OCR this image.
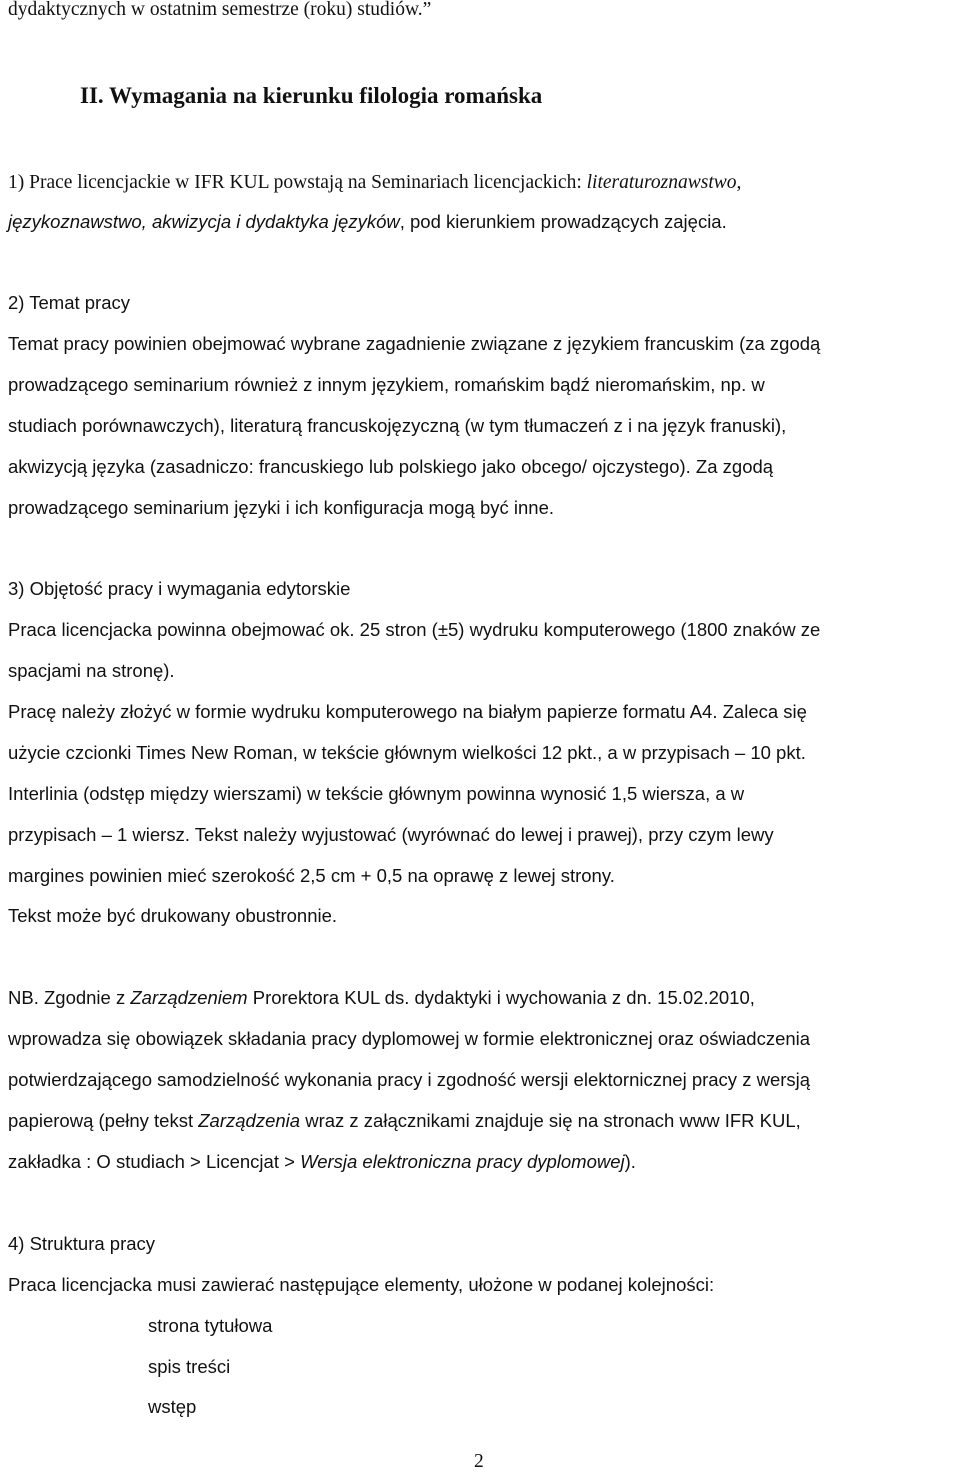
dydaktycznych w ostatnim semestrze (roku) studiów.”
II. Wymagania na kierunku filologia romańska
1) Prace licencjackie w IFR KUL powstają na Seminariach licencjackich: literaturoznawstwo,
językoznawstwo, akwizycja i dydaktyka języków, pod kierunkiem prowadzących zajęcia.
2) Temat pracy
Temat pracy powinien obejmować wybrane zagadnienie związane z językiem francuskim (za zgodą
prowadzącego seminarium również z innym językiem, romańskim bądź nieromańskim, np. w
studiach porównawczych), literaturą francuskojęzyczną (w tym tłumaczeń z i na język franuski),
akwizycją języka (zasadniczo: francuskiego lub polskiego jako obcego/ ojczystego). Za zgodą
prowadzącego seminarium języki i ich konfiguracja mogą być inne.
3) Objętość pracy i wymagania edytorskie
Praca licencjacka powinna obejmować ok. 25 stron (±5) wydruku komputerowego (1800 znaków ze
spacjami na stronę).
Pracę należy złożyć w formie wydruku komputerowego na białym papierze formatu A4. Zaleca się
użycie czcionki Times New Roman, w tekście głównym wielkości 12 pkt., a w przypisach – 10 pkt.
Interlinia (odstęp między wierszami) w tekście głównym powinna wynosić 1,5 wiersza, a w
przypisach – 1 wiersz. Tekst należy wyjustować (wyrównać do lewej i prawej), przy czym lewy
margines powinien mieć szerokość 2,5 cm + 0,5 na oprawę z lewej strony.
Tekst może być drukowany obustronnie.
NB. Zgodnie z Zarządzeniem Prorektora KUL ds. dydaktyki i wychowania z dn. 15.02.2010,
wprowadza się obowiązek składania pracy dyplomowej w formie elektronicznej oraz oświadczenia
potwierdzającego samodzielność wykonania pracy i zgodność wersji elektornicznej pracy z wersją
papierową (pełny tekst Zarządzenia wraz z załącznikami znajduje się na stronach www IFR KUL,
zakładka : O studiach > Licencjat > Wersja elektroniczna pracy dyplomowej).
4) Struktura pracy
Praca licencjacka musi zawierać następujące elementy, ułożone w podanej kolejności:
strona tytułowa
spis treści
wstęp
2
